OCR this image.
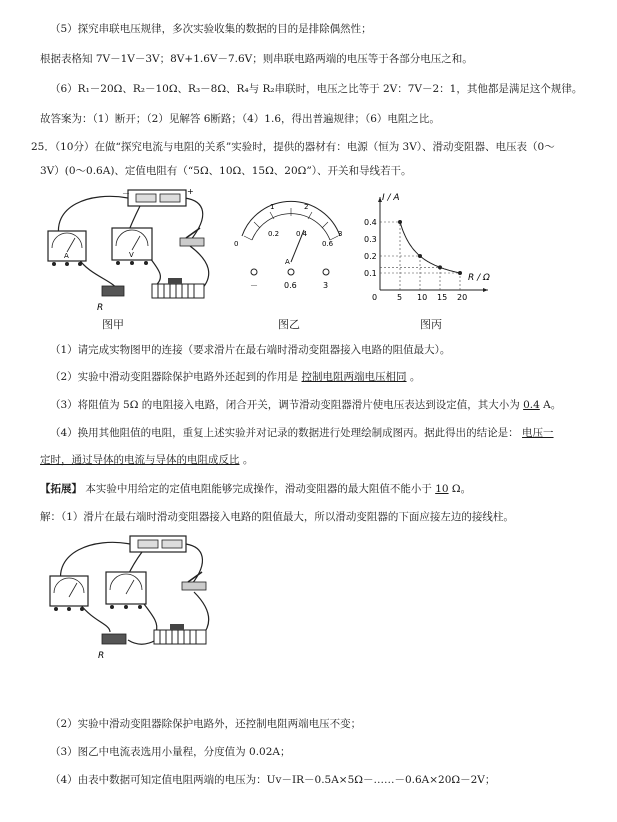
（5）探究串联电压规律，多次实验收集的数据的目的是排除偶然性；
根据表格知 7V－1V－3V；8V+1.6V－7.6V；则串联电路两端的电压等于各部分电压之和。
（6）R₁－20Ω、R₂－10Ω、R₃－8Ω、R₄与 R₂串联时，电压之比等于 2V：7V－2：1，其他都是满足这个规律。
故答案为：（1）断开；（2）见解答 6断路；（4）1.6，得出普遍规律；（6）电阻之比。
25．（10分）在做“探究电流与电阻的关系”实验时，提供的器材有：电源（恒为 3V）、滑动变阻器、电压表（0～
3V）(0～0.6A)、定值电阻有（“5Ω、10Ω、15Ω、20Ω”）、开关和导线若干。
－	+
A	V
R
图甲
1	2
0
0.2 0.4
0.6
3
A
－	0.6	3
图乙
5 10 15 20
0.1
0.2
0.3
0.4
0
I / A
R / Ω
图丙
（1）请完成实物图甲的连接（要求滑片在最右端时滑动变阻器接入电路的阻值最大）。
（2）实验中滑动变阻器除保护电路外还起到的作用是 控制电阻两端电压相同 。
（3）将阻值为 5Ω 的电阻接入电路，闭合开关，调节滑动变阻器滑片使电压表达到设定值，其大小为 0.4 A。
（4）换用其他阻值的电阻，重复上述实验并对记录的数据进行处理绘制成图丙。据此得出的结论是： 电压一
定时，通过导体的电流与导体的电阻成反比 。
【拓展】 本实验中用给定的定值电阻能够完成操作，滑动变阻器的最大阻值不能小于 10 Ω。
解：（1）滑片在最右端时滑动变阻器接入电路的阻值最大，所以滑动变阻器的下面应接左边的接线柱。
R
（2）实验中滑动变阻器除保护电路外，还控制电阻两端电压不变；
（3）图乙中电流表选用小量程，分度值为 0.02A；
（4）由表中数据可知定值电阻两端的电压为：Uv－IR－0.5A×5Ω－……－0.6A×20Ω－2V；
